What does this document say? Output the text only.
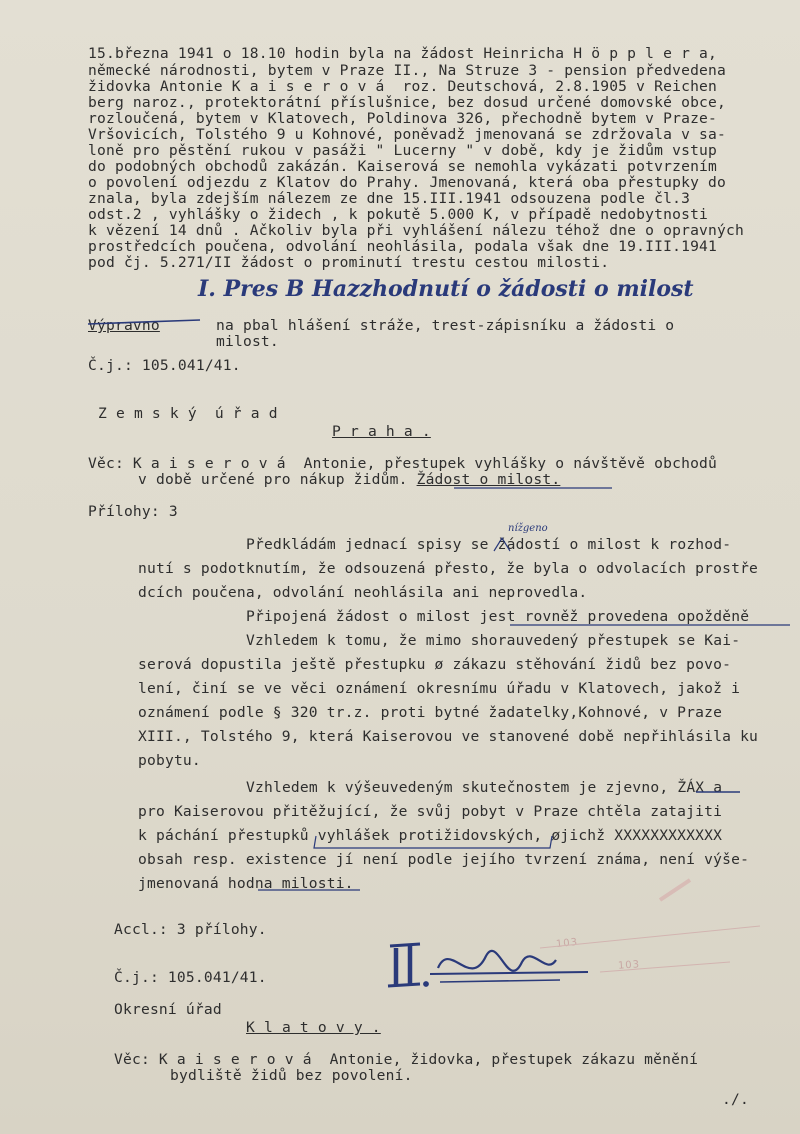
15.března 1941 o 18.10 hodin byla na žádost Heinricha H ö p p l e r a,
německé národnosti, bytem v Praze II., Na Struze 3 - pension předvedena
židovka Antonie K a i s e r o v á  roz. Deutschová, 2.8.1905 v Reichen
berg naroz., protektorátní příslušnice, bez dosud určené domovské obce,
rozloučená, bytem v Klatovech, Poldinova 326, přechodně bytem v Praze-
Vršovicích, Tolstého 9 u Kohnové, poněvadž jmenovaná se zdržovala v sa-
loně pro pěstění rukou v pasáži " Lucerny " v době, kdy je židům vstup
do podobných obchodů zakázán. Kaiserová se nemohla vykázati potvrzením
o povolení odjezdu z Klatov do Prahy. Jmenovaná, která oba přestupky do
znala, byla zdejším nálezem ze dne 15.III.1941 odsouzena podle čl.3
odst.2 , vyhlášky o židech , k pokutě 5.000 K, v případě nedobytnosti
k vězení 14 dnů . Ačkoliv byla při vyhlášení nálezu téhož dne o opravných
prostředcích poučena, odvolání neohlásila, podala však dne 19.III.1941
pod čj. 5.271/II žádost o prominutí trestu cestou milosti.
I. Pres B Hazzhodnutí o žádosti o milost
Výpravno	na pbal hlášení stráže, trest-zápisníku a žádosti o
milost.
Č.j.: 105.041/41.
Z e m s k ý  ú ř a d
P r a h a .
Věc: K a i s e r o v á  Antonie, přestupek vyhlášky o návštěvě obchodů
v době určené pro nákup židům. Žádost o milost.
Přílohy: 3
nížgeno
Předkládám jednací spisy se žádostí o milost k rozhod-
nutí s podotknutím, že odsouzená přesto, že byla o odvolacích prostře
dcích poučena, odvolání neohlásila ani neprovedla.
Připojená žádost o milost jest rovněž provedena opožděně
Vzhledem k tomu, že mimo shorauvedený přestupek se Kai-
serová dopustila ještě přestupku ø zákazu stěhování židů bez povo-
lení, činí se ve věci oznámení okresnímu úřadu v Klatovech, jakož i
oznámení podle § 320 tr.z. proti bytné žadatelky,Kohnové, v Praze
XIII., Tolstého 9, která Kaiserovou ve stanovené době nepřihlásila ku
pobytu.
Vzhledem k výšeuvedeným skutečnostem je zjevno, ŽÁX a
pro Kaiserovou přitěžující, že svůj pobyt v Praze chtěla zatajiti
k páchání přestupků vyhlášek protižidovských, øjichž XXXXXXXXXXXX
obsah resp. existence jí není podle jejího tvrzení známa, není výše-
jmenovaná hodna milosti.
103
103
Accl.: 3 přílohy.
Č.j.: 105.041/41.
Okresní úřad
K l a t o v y .
Věc: K a i s e r o v á  Antonie, židovka, přestupek zákazu měnění
bydliště židů bez povolení.
./.
